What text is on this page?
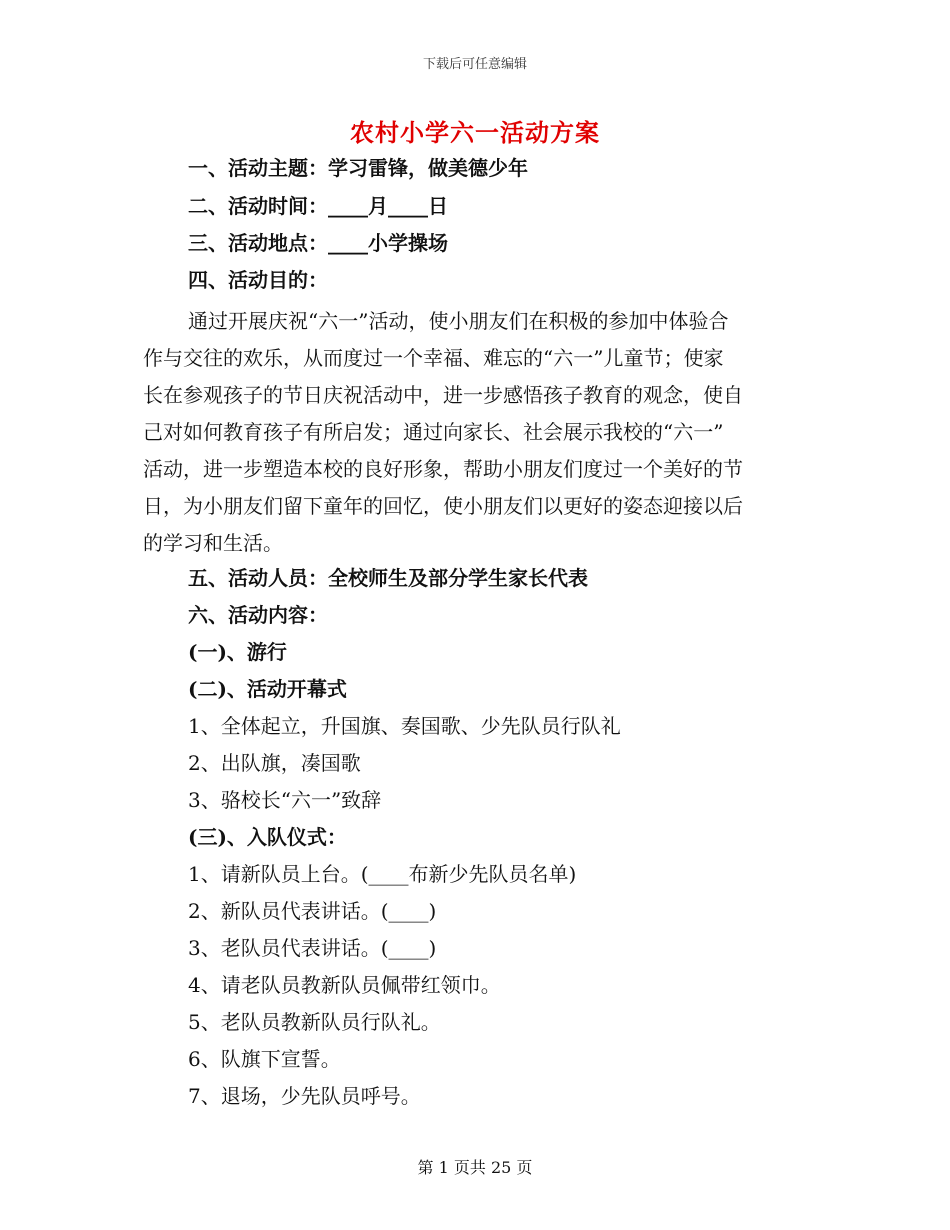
下载后可任意编辑
农村小学六一活动方案
一、活动主题：学习雷锋，做美德少年
二、活动时间：____月____日
三、活动地点：____小学操场
四、活动目的：
通过开展庆祝“六一”活动，使小朋友们在积极的参加中体验合
作与交往的欢乐，从而度过一个幸福、难忘的“六一”儿童节；使家
长在参观孩子的节日庆祝活动中，进一步感悟孩子教育的观念，使自
己对如何教育孩子有所启发；通过向家长、社会展示我校的“六一”
活动，进一步塑造本校的良好形象，帮助小朋友们度过一个美好的节
日，为小朋友们留下童年的回忆，使小朋友们以更好的姿态迎接以后
的学习和生活。
五、活动人员：全校师生及部分学生家长代表
六、活动内容：
(一)、游行
(二)、活动开幕式
1、全体起立，升国旗、奏国歌、少先队员行队礼
2、出队旗，凑国歌
3、骆校长“六一”致辞
(三)、入队仪式：
1、请新队员上台。(____布新少先队员名单)
2、新队员代表讲话。(____)
3、老队员代表讲话。(____)
4、请老队员教新队员佩带红领巾。
5、老队员教新队员行队礼。
6、队旗下宣誓。
7、退场，少先队员呼号。
第 1 页共 25 页
